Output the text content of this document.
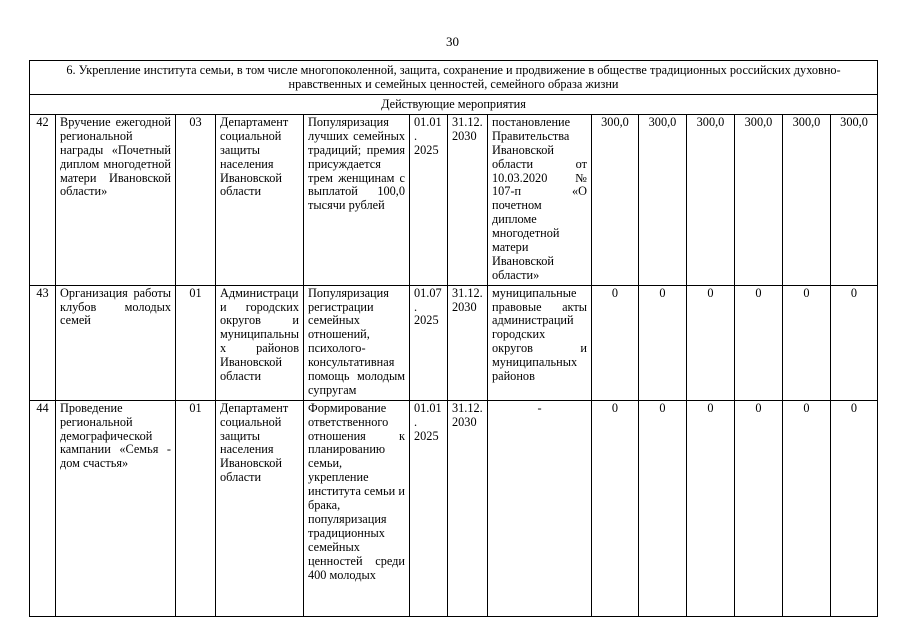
30
6. Укрепление института семьи, в том числе многопоколенной, защита, сохранение и продвижение в обществе традиционных российских духовно-нравственных и семейных ценностей, семейного образа жизни													
Действующие мероприятия													
42	Вручение ежегодной региональной награды «Почетный диплом многодетной матери Ивановской области»	03	Департамент социальной защиты населения Ивановской области	Популяризация лучших семейных традиций; премия присуждается трем женщинам с выплатой 100,0 тысячи рублей	01.01. 2025	31.12. 2030	постановление Правительства Ивановской области от 10.03.2020 № 107-п «О почетном дипломе многодетной матери Ивановской области»	300,0	300,0	300,0	300,0	300,0	300,0
43	Организация работы клубов молодых семей	01	Администрации городских округов и муниципальных районов Ивановской области	Популяризация регистрации семейных отношений, психолого-консультативная помощь молодым супругам	01.07. 2025	31.12. 2030	муниципальные правовые акты администраций городских округов и муниципальных районов	0	0	0	0	0	0
44	Проведение региональной демографической кампании «Семья - дом счастья»	01	Департамент социальной защиты населения Ивановской области	Формирование ответственного отношения к планированию семьи, укрепление института семьи и брака, популяризация традиционных семейных ценностей среди 400 молодых	01.01. 2025	31.12. 2030	-	0	0	0	0	0	0
